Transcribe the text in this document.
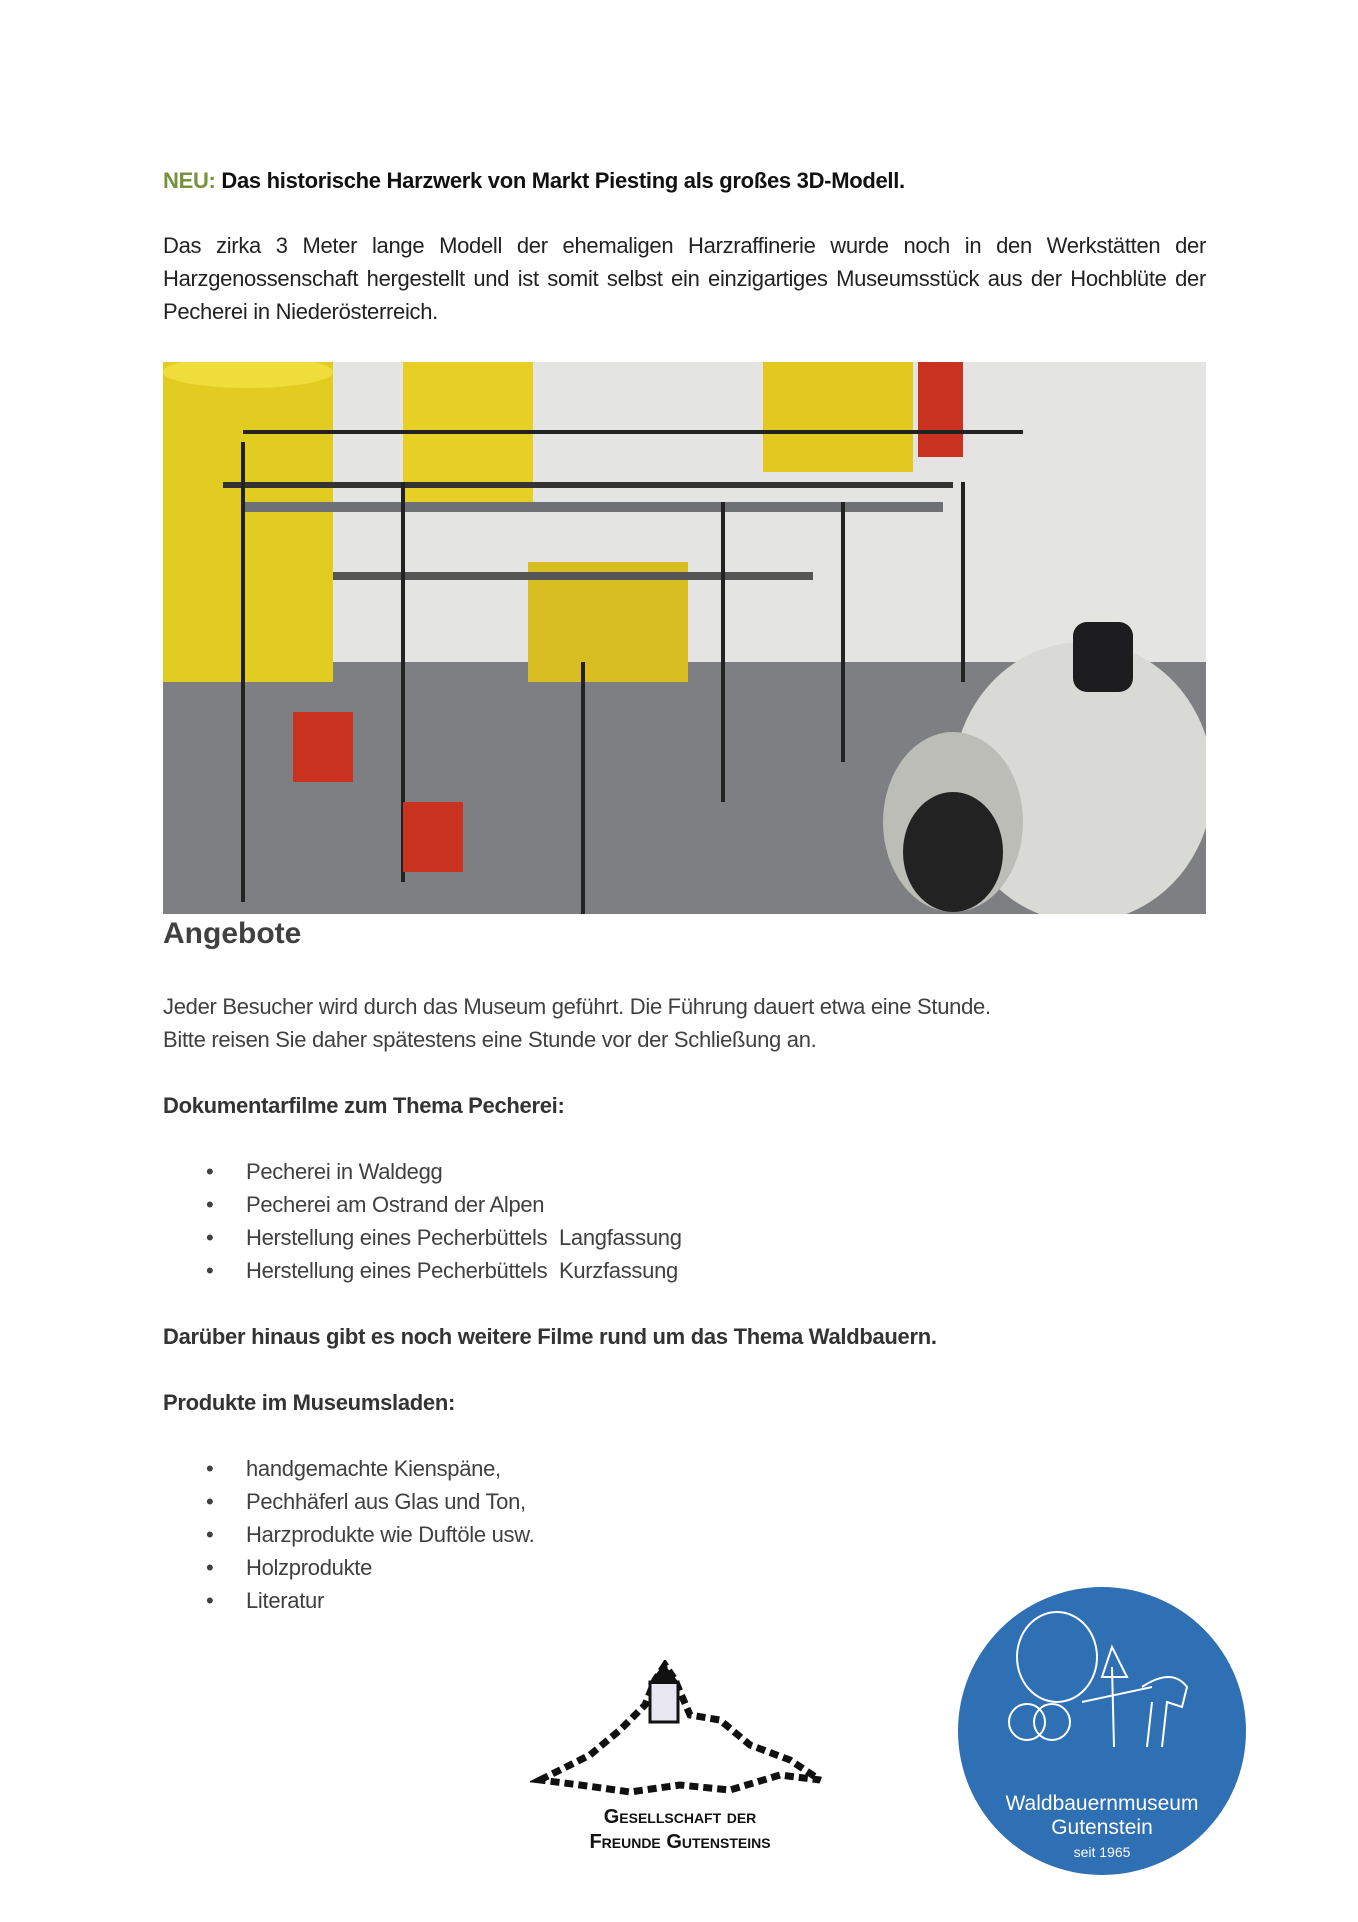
NEU: Das historische Harzwerk von Markt Piesting als großes 3D-Modell.
Das zirka 3 Meter lange Modell der ehemaligen Harzraffinerie wurde noch in den Werkstätten der Harzgenossenschaft hergestellt und ist somit selbst ein einzigartiges Museumsstück aus der Hochblüte der Pecherei in Niederösterreich.
Angebote
Jeder Besucher wird durch das Museum geführt. Die Führung dauert etwa eine Stunde.
Bitte reisen Sie daher spätestens eine Stunde vor der Schließung an.
Dokumentarfilme zum Thema Pecherei:
• Pecherei in Waldegg
• Pecherei am Ostrand der Alpen
• Herstellung eines Pecherbüttels  Langfassung
• Herstellung eines Pecherbüttels  Kurzfassung
Darüber hinaus gibt es noch weitere Filme rund um das Thema Waldbauern.
Produkte im Museumsladen:
• handgemachte Kienspäne,
• Pechhäferl aus Glas und Ton,
• Harzprodukte wie Duftöle usw.
• Holzprodukte
• Literatur
Gesellschaft der
Freunde Gutensteins
Waldbauernmuseum
Gutenstein
seit 1965
